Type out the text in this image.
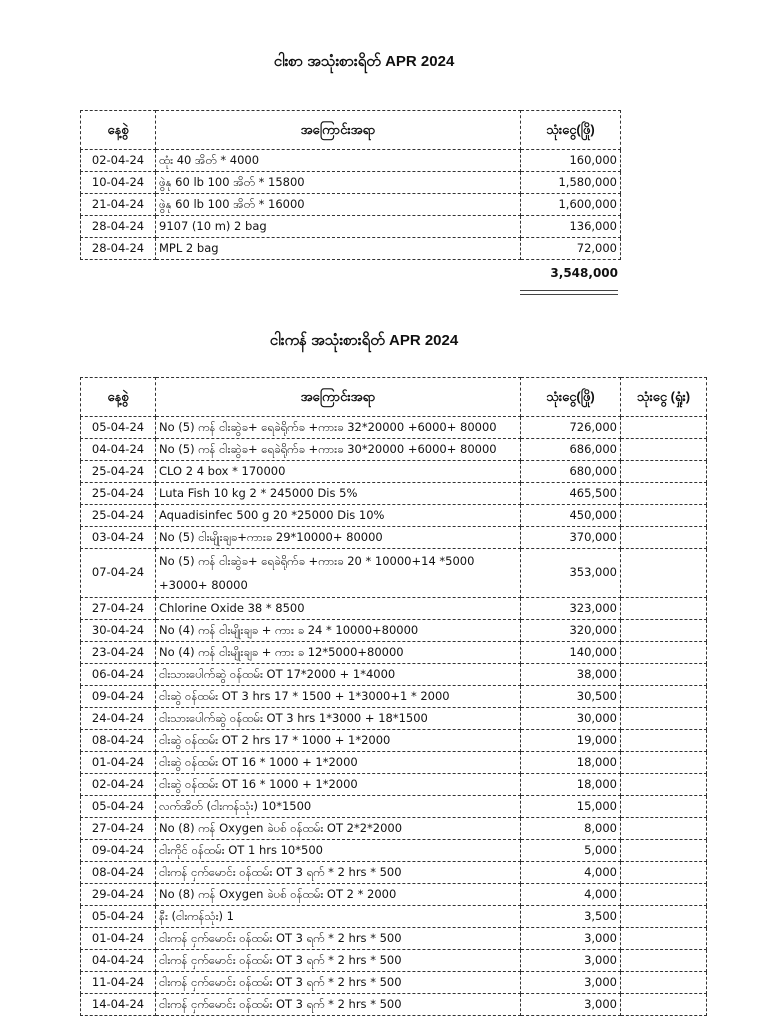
ငါးစာ အသုံးစားရိတ် APR 2024
နေ့စွဲ	အကြောင်းအရာ	သုံးငွေ(ဖြို)
02-04-24	ထုံး 40 အိတ် * 4000	160,000
10-04-24	ဖွဲနု 60 lb 100 အိတ် * 15800	1,580,000
21-04-24	ဖွဲနု 60 lb 100 အိတ် * 16000	1,600,000
28-04-24	9107 (10 m) 2 bag	136,000
28-04-24	MPL 2 bag	72,000
3,548,000
ငါးကန် အသုံးစားရိတ် APR 2024
နေ့စွဲ	အကြောင်းအရာ	သုံးငွေ(ဖြို)	သုံးငွေ (ရှုံး)
05-04-24	No (5) ကန် ငါးဆွဲခ+ ရေခဲရိုက်ခ +ကားခ 32*20000 +6000+ 80000	726,000	
04-04-24	No (5) ကန် ငါးဆွဲခ+ ရေခဲရိုက်ခ +ကားခ 30*20000 +6000+ 80000	686,000	
25-04-24	CLO 2 4 box * 170000	680,000	
25-04-24	Luta Fish 10 kg 2 * 245000 Dis 5%	465,500	
25-04-24	Aquadisinfec 500 g 20 *25000 Dis 10%	450,000	
03-04-24	No (5) ငါးမျိုးချခ+ကားခ 29*10000+ 80000	370,000	
07-04-24	No (5) ကန် ငါးဆွဲခ+ ရေခဲရိုက်ခ +ကားခ 20 * 10000+14 *5000 +3000+ 80000	353,000	
27-04-24	Chlorine Oxide 38 * 8500	323,000	
30-04-24	No (4) ကန် ငါးမျိုးချခ + ကား ခ 24 * 10000+80000	320,000	
23-04-24	No (4) ကန် ငါးမျိုးချခ + ကား ခ 12*5000+80000	140,000	
06-04-24	ငါးသားပေါက်ဆွဲ ဝန်ထမ်း OT 17*2000 + 1*4000	38,000	
09-04-24	ငါးဆွဲ ဝန်ထမ်း OT 3 hrs 17 * 1500 + 1*3000+1 * 2000	30,500	
24-04-24	ငါးသားပေါက်ဆွဲ ဝန်ထမ်း OT 3 hrs 1*3000 + 18*1500	30,000	
08-04-24	ငါးဆွဲ ဝန်ထမ်း OT 2 hrs 17 * 1000 + 1*2000	19,000	
01-04-24	ငါးဆွဲ ဝန်ထမ်း OT 16 * 1000 + 1*2000	18,000	
02-04-24	ငါးဆွဲ ဝန်ထမ်း OT 16 * 1000 + 1*2000	18,000	
05-04-24	လက်အိတ် (ငါးကန်သုံး) 10*1500	15,000	
27-04-24	No (8) ကန် Oxygen ခဲပစ် ဝန်ထမ်း OT 2*2*2000	8,000	
09-04-24	ငါးကိုင် ဝန်ထမ်း OT 1 hrs 10*500	5,000	
08-04-24	ငါးကန် ငှက်မောင်း ဝန်ထမ်း OT 3 ရက် * 2 hrs * 500	4,000	
29-04-24	No (8) ကန် Oxygen ခဲပစ် ဝန်ထမ်း OT 2 * 2000	4,000	
05-04-24	နီး (ငါးကန်သုံး) 1	3,500	
01-04-24	ငါးကန် ငှက်မောင်း ဝန်ထမ်း OT 3 ရက် * 2 hrs * 500	3,000	
04-04-24	ငါးကန် ငှက်မောင်း ဝန်ထမ်း OT 3 ရက် * 2 hrs * 500	3,000	
11-04-24	ငါးကန် ငှက်မောင်း ဝန်ထမ်း OT 3 ရက် * 2 hrs * 500	3,000	
14-04-24	ငါးကန် ငှက်မောင်း ဝန်ထမ်း OT 3 ရက် * 2 hrs * 500	3,000	
